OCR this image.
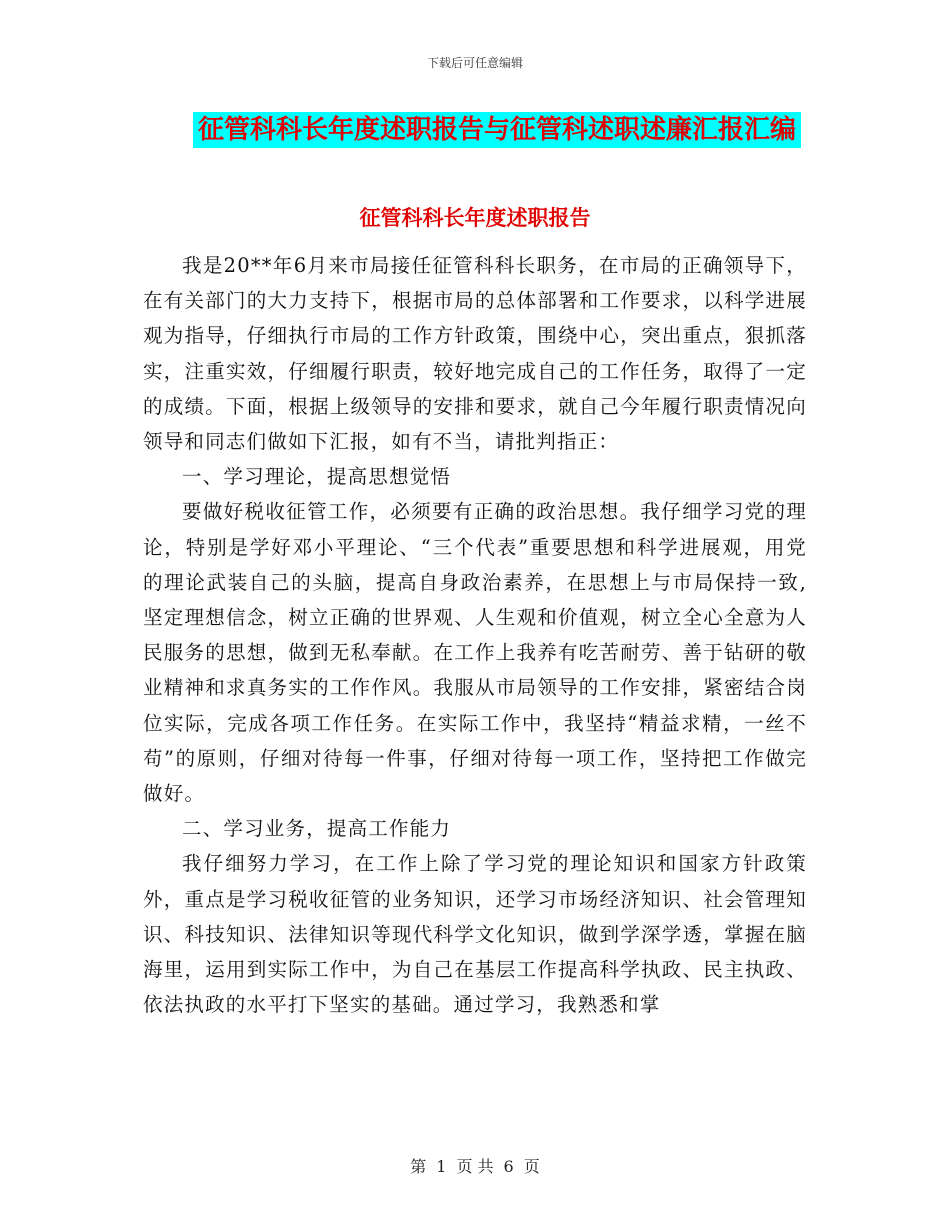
下载后可任意编辑
征管科科长年度述职报告与征管科述职述廉汇报汇编
征管科科长年度述职报告

我是20**年6月来市局接任征管科科长职务，在市局的正确领导下，在有关部门的大力支持下，根据市局的总体部署和工作要求，以科学进展观为指导，仔细执行市局的工作方针政策，围绕中心，突出重点，狠抓落实，注重实效，仔细履行职责，较好地完成自己的工作任务，取得了一定的成绩。下面，根据上级领导的安排和要求，就自己今年履行职责情况向领导和同志们做如下汇报，如有不当，请批判指正：

一、学习理论，提高思想觉悟

要做好税收征管工作，必须要有正确的政治思想。我仔细学习党的理论，特别是学好邓小平理论、“三个代表”重要思想和科学进展观，用党的理论武装自己的头脑，提高自身政治素养，在思想上与市局保持一致,坚定理想信念，树立正确的世界观、人生观和价值观，树立全心全意为人民服务的思想，做到无私奉献。在工作上我养有吃苦耐劳、善于钻研的敬业精神和求真务实的工作作风。我服从市局领导的工作安排，紧密结合岗位实际，完成各项工作任务。在实际工作中，我坚持“精益求精，一丝不苟”的原则，仔细对待每一件事，仔细对待每一项工作，坚持把工作做完做好。

二、学习业务，提高工作能力

我仔细努力学习，在工作上除了学习党的理论知识和国家方针政策外，重点是学习税收征管的业务知识，还学习市场经济知识、社会管理知识、科技知识、法律知识等现代科学文化知识，做到学深学透，掌握在脑海里，运用到实际工作中，为自己在基层工作提高科学执政、民主执政、依法执政的水平打下坚实的基础。通过学习，我熟悉和掌

第 1 页 共 6 页
